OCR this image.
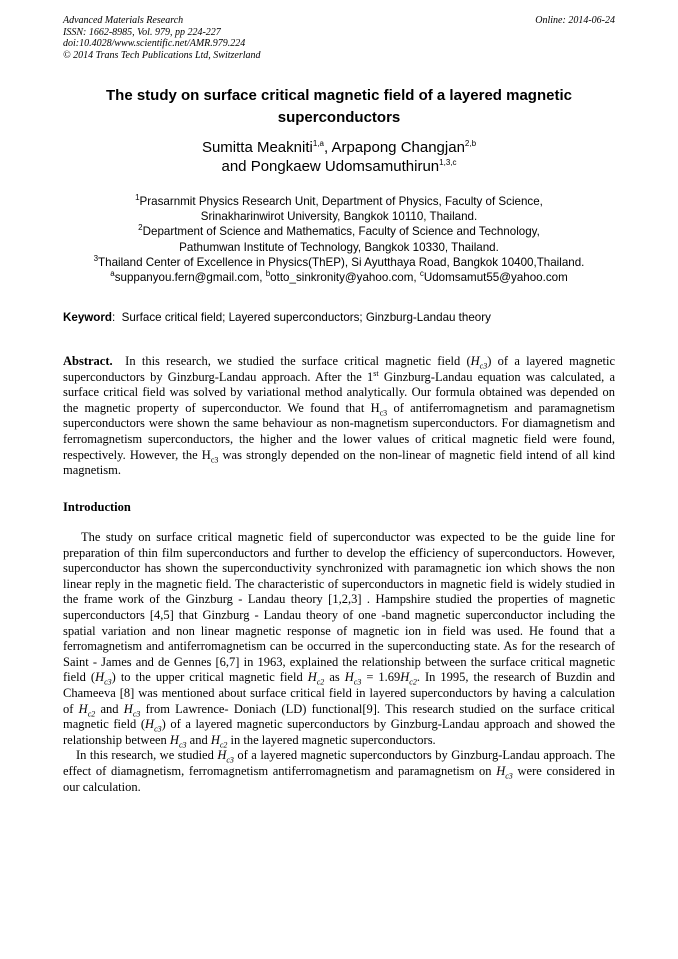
Advanced Materials Research
ISSN: 1662-8985, Vol. 979, pp 224-227
doi:10.4028/www.scientific.net/AMR.979.224
© 2014 Trans Tech Publications Ltd, Switzerland
Online: 2014-06-24
The study on surface critical magnetic field of a layered magnetic superconductors
Sumitta Meakniti$^{1,a}$, Arpapong Changjan$^{2,b}$
and Pongkaew Udomsamuthirun$^{1,3,c}$
$^1$Prasarnmit Physics Research Unit, Department of Physics, Faculty of Science,
Srinakharinwirot University, Bangkok 10110, Thailand.
$^2$Department of Science and Mathematics, Faculty of Science and Technology,
Pathumwan Institute of Technology, Bangkok 10330, Thailand.
$^3$Thailand Center of Excellence in Physics(ThEP), Si Ayutthaya Road, Bangkok 10400,Thailand.
$^a$suppanyou.fern@gmail.com, $^b$otto_sinkronity@yahoo.com, $^c$Udomsamut55@yahoo.com
Keyword:  Surface critical field; Layered superconductors; Ginzburg-Landau theory
Abstract. In this research, we studied the surface critical magnetic field $(H_{c3})$ of a layered magnetic superconductors by Ginzburg-Landau approach. After the 1st Ginzburg-Landau equation was calculated, a surface critical field was solved by variational method analytically. Our formula obtained was depended on the magnetic property of superconductor. We found that $H_{c3}$ of antiferromagnetism and paramagnetism superconductors were shown the same behaviour as non-magnetism superconductors. For diamagnetism and ferromagnetism superconductors, the higher and the lower values of critical magnetic field were found, respectively. However, the $H_{c3}$ was strongly depended on the non-linear of magnetic field intend of all kind magnetism.
Introduction

The study on surface critical magnetic field of superconductor was expected to be the guide line for preparation of thin film superconductors and further to develop the efficiency of superconductors. However, superconductor has shown the superconductivity synchronized with paramagnetic ion which shows the non linear reply in the magnetic field. The characteristic of superconductors in magnetic field is widely studied in the frame work of the Ginzburg - Landau theory [1,2,3] . Hampshire studied the properties of magnetic superconductors [4,5] that Ginzburg - Landau theory of one -band magnetic superconductor including the spatial variation and non linear magnetic response of magnetic ion in field was used. He found that a ferromagnetism and antiferromagnetism can be occurred in the superconducting state. As for the research of Saint - James and de Gennes [6,7] in 1963, explained the relationship between the surface critical magnetic field $(H_{c3})$ to the upper critical magnetic field $H_{c2}$ as $H_{c3} = 1.69H_{c2}$. In 1995, the research of Buzdin and Chameeva [8] was mentioned about surface critical field in layered superconductors by having a calculation of $H_{c2}$ and $H_{c3}$ from Lawrence- Doniach (LD) functional[9]. This research studied on the surface critical magnetic field $(H_{c3})$ of a layered magnetic superconductors by Ginzburg-Landau approach and showed the relationship between $H_{c3}$ and $H_{c2}$ in the layered magnetic superconductors.

In this research, we studied $H_{c3}$ of a layered magnetic superconductors by Ginzburg-Landau approach. The effect of diamagnetism, ferromagnetism antiferromagnetism and paramagnetism on $H_{c3}$ were considered in our calculation.
